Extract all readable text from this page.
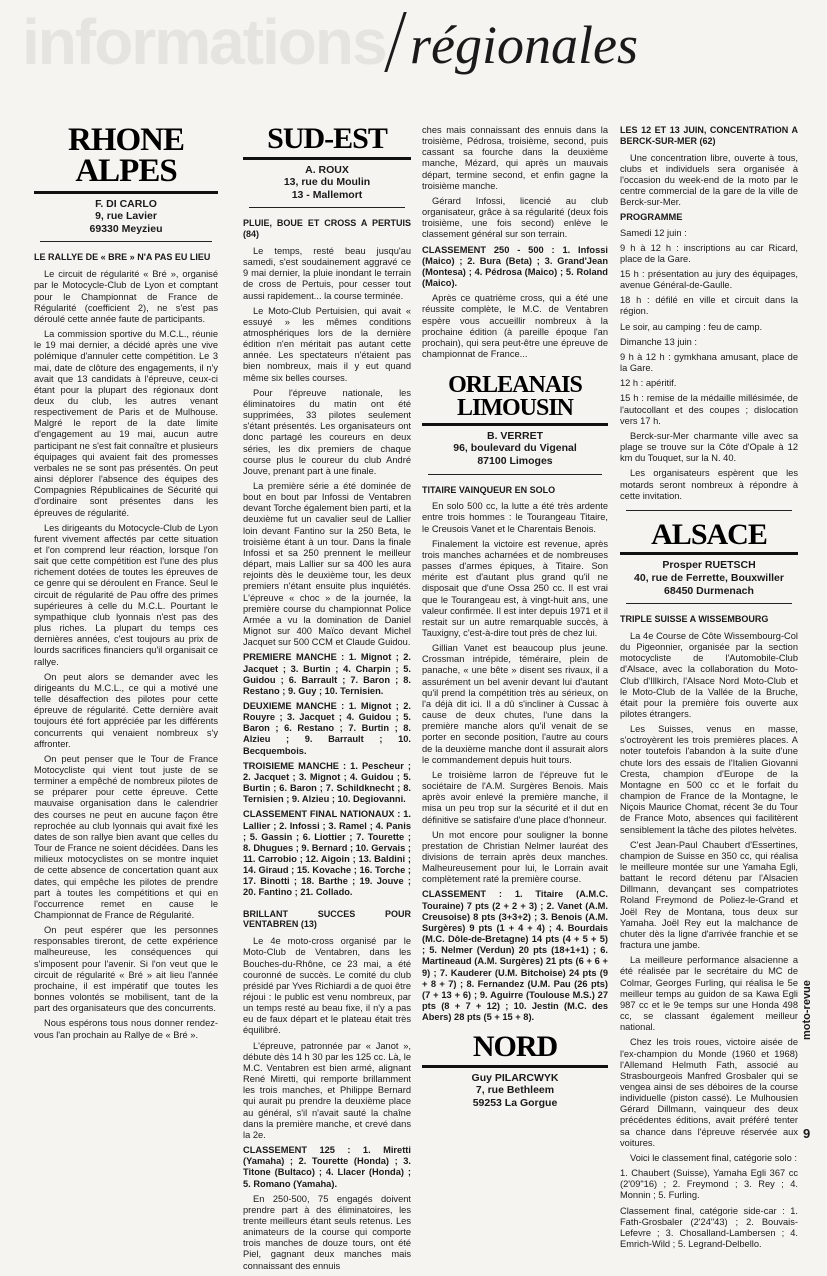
informations régionales
RHONE ALPES
F. DI CARLO
9, rue Lavier
69330 Meyzieu
LE RALLYE DE « BRE » N'A PAS EU LIEU

Le circuit de régularité « Bré », organisé par le Motocycle-Club de Lyon et comptant pour le Championnat de France de Régularité (coefficient 2), ne s'est pas déroulé cette année faute de participants.

La commission sportive du M.C.L., réunie le 19 mai dernier, a décidé après une vive polémique d'annuler cette compétition. Le 3 mai, date de clôture des engagements, il n'y avait que 13 candidats à l'épreuve, ceux-ci étant pour la plupart des régionaux dont deux du club, les autres venant respectivement de Paris et de Mulhouse. Malgré le report de la date limite d'engagement au 19 mai, aucun autre participant ne s'est fait connaître et plusieurs équipages qui avaient fait des promesses verbales ne se sont pas présentés. On peut ainsi déplorer l'absence des équipes des Compagnies Républicaines de Sécurité qui d'ordinaire sont présentes dans les épreuves de régularité.

Les dirigeants du Motocycle-Club de Lyon furent vivement affectés par cette situation et l'on comprend leur réaction, lorsque l'on sait que cette compétition est l'une des plus richement dotées de toutes les épreuves de ce genre qui se déroulent en France. Seul le circuit de régularité de Pau offre des primes supérieures à celle du M.C.L. Pourtant le sympathique club lyonnais n'est pas des plus riches. La plupart du temps ces dernières années, c'est toujours au prix de lourds sacrifices financiers qu'il organisait ce rallye.

On peut alors se demander avec les dirigeants du M.C.L., ce qui a motivé une telle désaffection des pilotes pour cette épreuve de régularité. Cette dernière avait toujours été fort appréciée par les différents concurrents qui venaient nombreux s'y affronter.

On peut penser que le Tour de France Motocycliste qui vient tout juste de se terminer a empêché de nombreux pilotes de se préparer pour cette épreuve. Cette mauvaise organisation dans le calendrier des courses ne peut en aucune façon être reprochée au club lyonnais qui avait fixé les dates de son rallye bien avant que celles du Tour de France ne soient décidées. Dans les milieux motocyclistes on se montre inquiet de cette absence de concertation quant aux dates, qui empêche les pilotes de prendre part à toutes les compétitions et qui en l'occurrence remet en cause le Championnat de France de Régularité.

On peut espérer que les personnes responsables tireront, de cette expérience malheureuse, les conséquences qui s'imposent pour l'avenir. Si l'on veut que le circuit de régularité « Bré » ait lieu l'année prochaine, il est impératif que toutes les bonnes volontés se mobilisent, tant de la part des organisateurs que des concurrents.

Nous espérons tous nous donner rendez-vous l'an prochain au Rallye de « Bré ».

SUD-EST
A. ROUX
13, rue du Moulin
13 - Mallemort
PLUIE, BOUE ET CROSS A PERTUIS (84)

Le temps, resté beau jusqu'au samedi, s'est soudainement aggravé ce 9 mai dernier, la pluie inondant le terrain de cross de Pertuis, pour cesser tout aussi rapidement... la course terminée.

Le Moto-Club Pertuisien, qui avait « essuyé » les mêmes conditions atmosphériques lors de la dernière édition n'en méritait pas autant cette année. Les spectateurs n'étaient pas bien nombreux, mais il y eut quand même six belles courses.

Pour l'épreuve nationale, les éliminatoires du matin ont été supprimées, 33 pilotes seulement s'étant présentés. Les organisateurs ont donc partagé les coureurs en deux séries, les dix premiers de chaque course plus le coureur du club André Jouve, prenant part à une finale.

La première série a été dominée de bout en bout par Infossi de Ventabren devant Torche également bien parti, et la deuxième fut un cavalier seul de Lallier loin devant Fantino sur la 250 Beta, le troisième étant à un tour. Dans la finale Infossi et sa 250 prennent le meilleur départ, mais Lallier sur sa 400 les aura rejoints dès le deuxième tour, les deux premiers n'étant ensuite plus inquiétés. L'épreuve « choc » de la journée, la première course du championnat Police Armée a vu la domination de Daniel Mignot sur 400 Maïco devant Michel Jacquet sur 500 CCM et Claude Guidou.

PREMIERE MANCHE : 1. Mignot ; 2. Jacquet ; 3. Burtin ; 4. Charpin ; 5. Guidou ; 6. Barrault ; 7. Baron ; 8. Restano ; 9. Guy ; 10. Ternisien.

DEUXIEME MANCHE : 1. Mignot ; 2. Rouyre ; 3. Jacquet ; 4. Guidou ; 5. Baron ; 6. Restano ; 7. Burtin ; 8. Alzieu ; 9. Barrault ; 10. Becquembois.

TROISIEME MANCHE : 1. Pescheur ; 2. Jacquet ; 3. Mignot ; 4. Guidou ; 5. Burtin ; 6. Baron ; 7. Schildknecht ; 8. Ternisien ; 9. Alzieu ; 10. Degiovanni.

CLASSEMENT FINAL NATIONAUX : 1. Lallier ; 2. Infossi ; 3. Ramel ; 4. Panis ; 5. Gassin ; 6. Liottier ; 7. Tourette ; 8. Dhugues ; 9. Bernard ; 10. Gervais ; 11. Carrobio ; 12. Aigoin ; 13. Baldini ; 14. Giraud ; 15. Kovache ; 16. Torche ; 17. Binotti ; 18. Barthe ; 19. Jouve ; 20. Fantino ; 21. Collado.

BRILLANT SUCCES POUR VENTABREN (13)

Le 4e moto-cross organisé par le Moto-Club de Ventabren, dans les Bouches-du-Rhône, ce 23 mai, a été couronné de succès. Le comité du club présidé par Yves Richiardi a de quoi être réjoui : le public est venu nombreux, par un temps resté au beau fixe, il n'y a pas eu de faux départ et le plateau était très équilibré.

L'épreuve, patronnée par « Janot », débute dès 14 h 30 par les 125 cc. Là, le M.C. Ventabren est bien armé, alignant René Miretti, qui remporte brillamment les trois manches, et Philippe Bernard qui aurait pu prendre la deuxième place au général, s'il n'avait sauté la chaîne dans la première manche, et crevé dans la 2e.

CLASSEMENT 125 : 1. Miretti (Yamaha) ; 2. Tourette (Honda) ; 3. Titone (Bultaco) ; 4. Llacer (Honda) ; 5. Romano (Yamaha).

En 250-500, 75 engagés doivent prendre part à des éliminatoires, les trente meilleurs étant seuls retenus. Les animateurs de la course qui comporte trois manches de douze tours, ont été Piel, gagnant deux manches mais connaissant des ennuis

ches mais connaissant des ennuis dans la troisième, Pédrosa, troisième, second, puis cassant sa fourche dans la deuxième manche, Mézard, qui après un mauvais départ, termine second, et enfin gagne la troisième manche.

Gérard Infossi, licencié au club organisateur, grâce à sa régularité (deux fois troisième, une fois second) enlève le classement général sur son terrain.

CLASSEMENT 250 - 500 : 1. Infossi (Maico) ; 2. Bura (Beta) ; 3. Grand'Jean (Montesa) ; 4. Pédrosa (Maico) ; 5. Roland (Maico).

Après ce quatrième cross, qui a été une réussite complète, le M.C. de Ventabren espère vous accueillir nombreux à la prochaine édition (à pareille époque l'an prochain), qui sera peut-être une épreuve de championnat de France...

ORLEANAIS LIMOUSIN
B. VERRET
96, boulevard du Vigenal
87100 Limoges
TITAIRE VAINQUEUR EN SOLO

En solo 500 cc, la lutte a été très ardente entre trois hommes : le Tourangeau Titaire, le Creusois Vanet et le Charentais Benois.

Finalement la victoire est revenue, après trois manches acharnées et de nombreuses passes d'armes épiques, à Titaire. Son mérite est d'autant plus grand qu'il ne disposait que d'une Ossa 250 cc. Il est vrai que le Tourangeau est, à vingt-huit ans, une valeur confirmée. Il est inter depuis 1971 et il restait sur un autre remarquable succès, à Tauxigny, c'est-à-dire tout près de chez lui.

Gillian Vanet est beaucoup plus jeune. Crossman intrépide, téméraire, plein de panache, « une bête » disent ses rivaux, il a assurément un bel avenir devant lui d'autant qu'il prend la compétition très au sérieux, on l'a déjà dit ici. Il a dû s'incliner à Cussac à cause de deux chutes, l'une dans la première manche alors qu'il venait de se porter en seconde position, l'autre au cours de la deuxième manche dont il assurait alors le commandement depuis huit tours.

Le troisième larron de l'épreuve fut le sociétaire de l'A.M. Surgères Benois. Mais après avoir enlevé la première manche, il misa un peu trop sur la sécurité et il dut en définitive se satisfaire d'une place d'honneur.

Un mot encore pour souligner la bonne prestation de Christian Nelmer lauréat des divisions de terrain après deux manches. Malheureusement pour lui, le Lorrain avait complètement raté la première course.

CLASSEMENT : 1. Titaire (A.M.C. Touraine) 7 pts (2 + 2 + 3) ; 2. Vanet (A.M. Creusoise) 8 pts (3+3+2) ; 3. Benois (A.M. Surgères) 9 pts (1 + 4 + 4) ; 4. Bourdais (M.C. Dôle-de-Bretagne) 14 pts (4 + 5 + 5) ; 5. Nelmer (Verdun) 20 pts (18+1+1) ; 6. Martineaud (A.M. Surgères) 21 pts (6 + 6 + 9) ; 7. Kauderer (U.M. Bitchoise) 24 pts (9 + 8 + 7) ; 8. Fernandez (U.M. Pau (26 pts) (7 + 13 + 6) ; 9. Aguirre (Toulouse M.S.) 27 pts (8 + 7 + 12) ; 10. Jestin (M.C. des Abers) 28 pts (5 + 15 + 8).

NORD
Guy PILARCWYK
7, rue Bethleem
59253 La Gorgue
LES 12 ET 13 JUIN, CONCENTRATION A BERCK-SUR-MER (62)

Une concentration libre, ouverte à tous, clubs et individuels sera organisée à l'occasion du week-end de la moto par le centre commercial de la gare de la ville de Berck-sur-Mer.

PROGRAMME

Samedi 12 juin :

9 h à 12 h : inscriptions au car Ricard, place de la Gare.

15 h : présentation au jury des équipages, avenue Général-de-Gaulle.

18 h : défilé en ville et circuit dans la région.

Le soir, au camping : feu de camp.

Dimanche 13 juin :

9 h à 12 h : gymkhana amusant, place de la Gare.

12 h : apéritif.

15 h : remise de la médaille millésimée, de l'autocollant et des coupes ; dislocation vers 17 h.

Berck-sur-Mer charmante ville avec sa plage se trouve sur la Côte d'Opale à 12 km du Touquet, sur la N. 40.

Les organisateurs espèrent que les motards seront nombreux à répondre à cette invitation.

ALSACE
Prosper RUETSCH
40, rue de Ferrette, Bouxwiller
68450 Durmenach
TRIPLE SUISSE A WISSEMBOURG

La 4e Course de Côte Wissembourg-Col du Pigeonnier, organisée par la section motocycliste de l'Automobile-Club d'Alsace, avec la collaboration du Moto-Club d'Illkirch, l'Alsace Nord Moto-Club et le Moto-Club de la Vallée de la Bruche, était pour la première fois ouverte aux pilotes étrangers.

Les Suisses, venus en masse, s'octroyèrent les trois premières places. A noter toutefois l'abandon à la suite d'une chute lors des essais de l'Italien Giovanni Cresta, champion d'Europe de la Montagne en 500 cc et le forfait du champion de France de la Montagne, le Niçois Maurice Chomat, récent 3e du Tour de France Moto, absences qui facilitèrent sensiblement la tâche des pilotes helvètes.

C'est Jean-Paul Chaubert d'Essertines, champion de Suisse en 350 cc, qui réalisa le meilleure montée sur une Yamaha Egli, battant le record détenu par l'Alsacien Dillmann, devançant ses compatriotes Roland Freymond de Poliez-le-Grand et Joël Rey de Montana, tous deux sur Yamaha. Joël Rey eut la malchance de chuter dès la ligne d'arrivée franchie et se fractura une jambe.

La meilleure performance alsacienne a été réalisée par le secrétaire du MC de Colmar, Georges Furling, qui réalisa le 5e meilleur temps au guidon de sa Kawa Egli 987 cc et le 9e temps sur une Honda 498 cc, se classant également meilleur national.

Chez les trois roues, victoire aisée de l'ex-champion du Monde (1960 et 1968) l'Allemand Helmuth Fath, associé au Strasbourgeois Manfred Grosbaler qui se vengea ainsi de ses déboires de la course individuelle (piston cassé). Le Mulhousien Gérard Dillmann, vainqueur des deux précédentes éditions, avait préféré tenter sa chance dans l'épreuve réservée aux voitures.

Voici le classement final, catégorie solo :

1. Chaubert (Suisse), Yamaha Egli 367 cc (2'09"16) ; 2. Freymond ; 3. Rey ; 4. Monnin ; 5. Furling.

Classement final, catégorie side-car : 1. Fath-Grosbaler (2'24"43) ; 2. Bouvais-Lefevre ; 3. Chosalland-Lambersen ; 4. Emrich-Wild ; 5. Legrand-Delbello.

moto-revue
9
